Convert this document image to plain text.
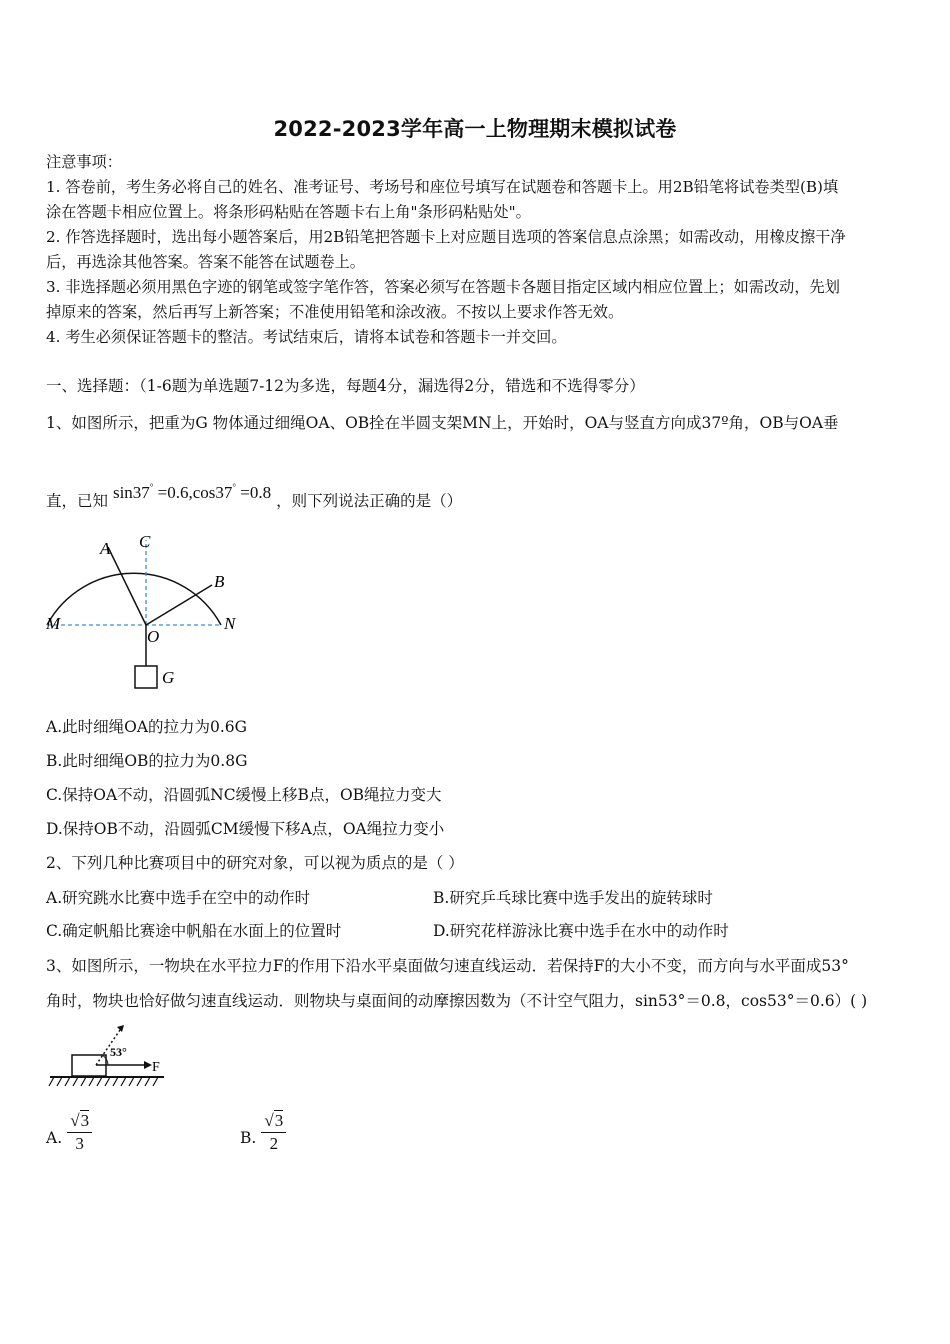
2022-2023学年高一上物理期末模拟试卷
注意事项：
1. 答卷前，考生务必将自己的姓名、准考证号、考场号和座位号填写在试题卷和答题卡上。用2B铅笔将试卷类型(B)填
涂在答题卡相应位置上。将条形码粘贴在答题卡右上角"条形码粘贴处"。
2. 作答选择题时，选出每小题答案后，用2B铅笔把答题卡上对应题目选项的答案信息点涂黑；如需改动，用橡皮擦干净
后，再选涂其他答案。答案不能答在试题卷上。
3. 非选择题必须用黑色字迹的钢笔或签字笔作答，答案必须写在答题卡各题目指定区域内相应位置上；如需改动，先划
掉原来的答案，然后再写上新答案；不准使用铅笔和涂改液。不按以上要求作答无效。
4. 考生必须保证答题卡的整洁。考试结束后，请将本试卷和答题卡一并交回。
一、选择题：（1-6题为单选题7-12为多选，每题4分，漏选得2分，错选和不选得零分）
1、如图所示，把重为G 物体通过细绳OA、OB拴在半圆支架MN上，开始时，OA与竖直方向成37º角，OB与OA垂
直，已知 sin37° =0.6,cos37° =0.8 ，则下列说法正确的是（）
A C
B
M
O
N
G
A.此时细绳OA的拉力为0.6G
B.此时细绳OB的拉力为0.8G
C.保持OA不动，沿圆弧NC缓慢上移B点，OB绳拉力变大
D.保持OB不动，沿圆弧CM缓慢下移A点，OA绳拉力变小
2、下列几种比赛项目中的研究对象，可以视为质点的是（ ）
A.研究跳水比赛中选手在空中的动作时	B.研究乒乓球比赛中选手发出的旋转球时
C.确定帆船比赛途中帆船在水面上的位置时	D.研究花样游泳比赛中选手在水中的动作时
3、如图所示，一物块在水平拉力F的作用下沿水平桌面做匀速直线运动．若保持F的大小不变，而方向与水平面成53°
角时，物块也恰好做匀速直线运动．则物块与桌面间的动摩擦因数为（不计空气阻力，sin53°＝0.8，cos53°＝0.6）( )
53°
F
A. $\frac{√3}{3}$	B. $\frac{√3}{2}$
